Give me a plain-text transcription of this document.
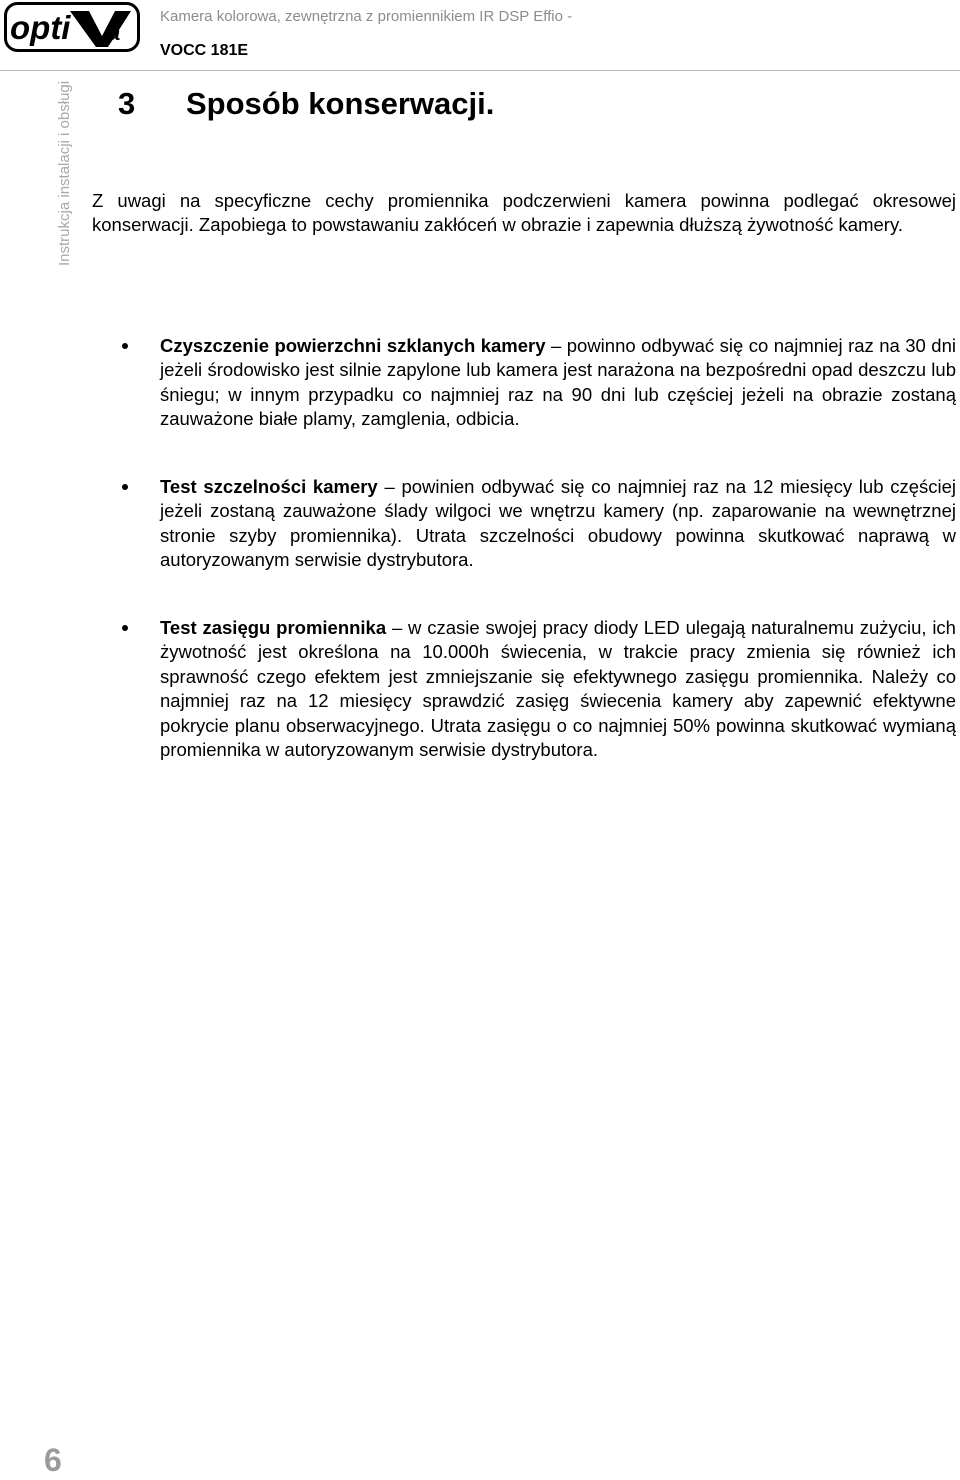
opti a
Kamera kolorowa, zewnętrzna z promiennikiem IR DSP Effio -
VOCC 181E
Instrukcja instalacji i obsługi 3 Sposób konserwacji.

Z uwagi na specyficzne cechy promiennika podczerwieni kamera powinna podlegać okresowej konserwacji. Zapobiega to powstawaniu zakłóceń w obrazie i zapewnia dłuższą żywotność kamery.

Czyszczenie powierzchni szklanych kamery – powinno odbywać się co najmniej raz na 30 dni jeżeli środowisko jest silnie zapylone lub kamera jest narażona na bezpośredni opad deszczu lub śniegu; w innym przypadku co najmniej raz na 90 dni lub częściej jeżeli na obrazie zostaną zauważone białe plamy, zamglenia, odbicia.

Test szczelności kamery – powinien odbywać się co najmniej raz na 12 miesięcy lub częściej jeżeli zostaną zauważone ślady wilgoci we wnętrzu kamery (np. zaparowanie na wewnętrznej stronie szyby promiennika). Utrata szczelności obudowy powinna skutkować naprawą w autoryzowanym serwisie dystrybutora.

Test zasięgu promiennika – w czasie swojej pracy diody LED ulegają naturalnemu zużyciu, ich żywotność jest określona na 10.000h świecenia, w trakcie pracy zmienia się również ich sprawność czego efektem jest zmniejszanie się efektywnego zasięgu promiennika. Należy co najmniej raz na 12 miesięcy sprawdzić zasięg świecenia kamery aby zapewnić efektywne pokrycie planu obserwacyjnego. Utrata zasięgu o co najmniej 50% powinna skutkować wymianą promiennika w autoryzowanym serwisie dystrybutora.

6
